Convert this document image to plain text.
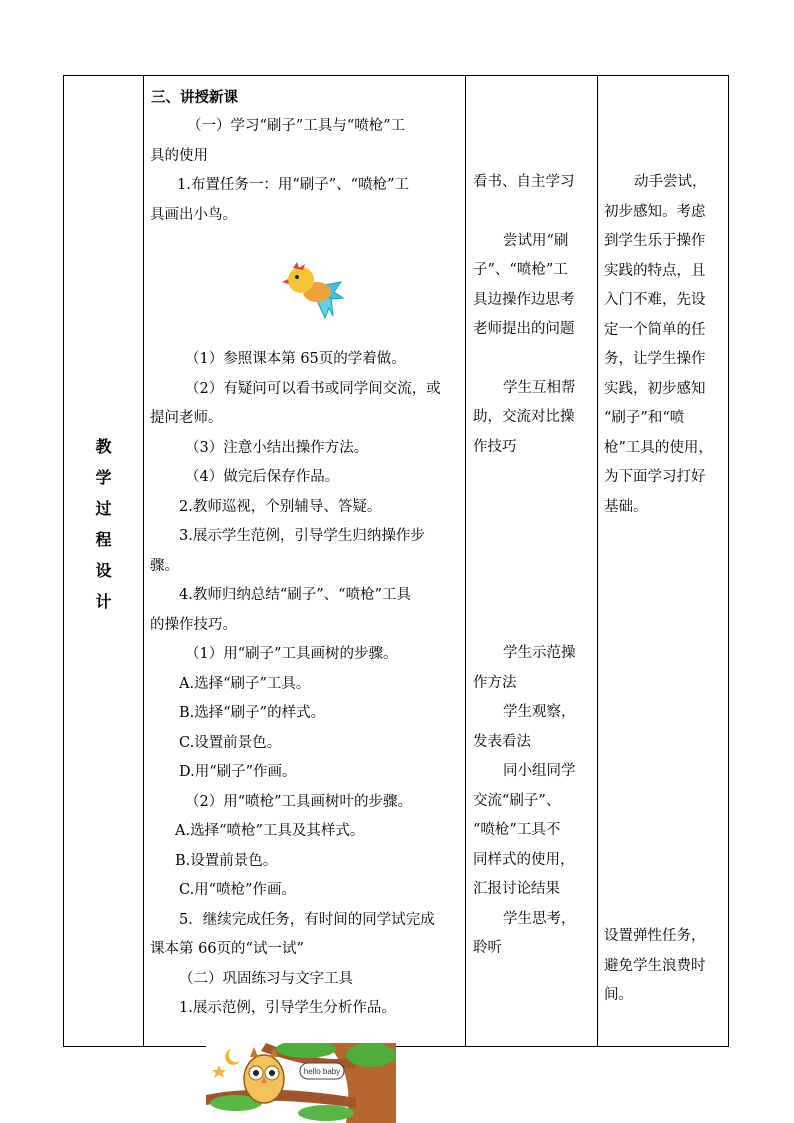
教
学
过
程
设
计
三、讲授新课

（一）学习“刷子”工具与“喷枪”工

具的使用

1.布置任务一：用“刷子”、“喷枪”工

具画出小鸟。

（1）参照课本第 65页的学着做。

（2）有疑问可以看书或同学间交流，或

提问老师。

（3）注意小结出操作方法。

（4）做完后保存作品。

2.教师巡视，个别辅导、答疑。

3.展示学生范例，引导学生归纳操作步

骤。

4.教师归纳总结“刷子”、“喷枪”工具

的操作技巧。

（1）用“刷子”工具画树的步骤。

A.选择“刷子”工具。

B.选择“刷子”的样式。

C.设置前景色。

D.用“刷子”作画。

（2）用“喷枪”工具画树叶的步骤。

A.选择“喷枪”工具及其样式。

B.设置前景色。

C.用“喷枪”作画。

5．继续完成任务，有时间的同学试完成

课本第 66页的“试一试”

（二）巩固练习与文字工具

1.展示范例，引导学生分析作品。

看书、自主学习

尝试用“刷

子”、“喷枪”工

具边操作边思考

老师提出的问题

学生互相帮

助，交流对比操

作技巧

学生示范操

作方法

学生观察，

发表看法

同小组同学

交流“刷子”、

“喷枪”工具不

同样式的使用，

汇报讨论结果

学生思考，

聆听

动手尝试，

初步感知。考虑

到学生乐于操作

实践的特点，且

入门不难，先设

定一个简单的任

务，让学生操作

实践，初步感知

“刷子”和“喷

枪”工具的使用，

为下面学习打好

基础。

设置弹性任务，

避免学生浪费时

间。

hello baby
